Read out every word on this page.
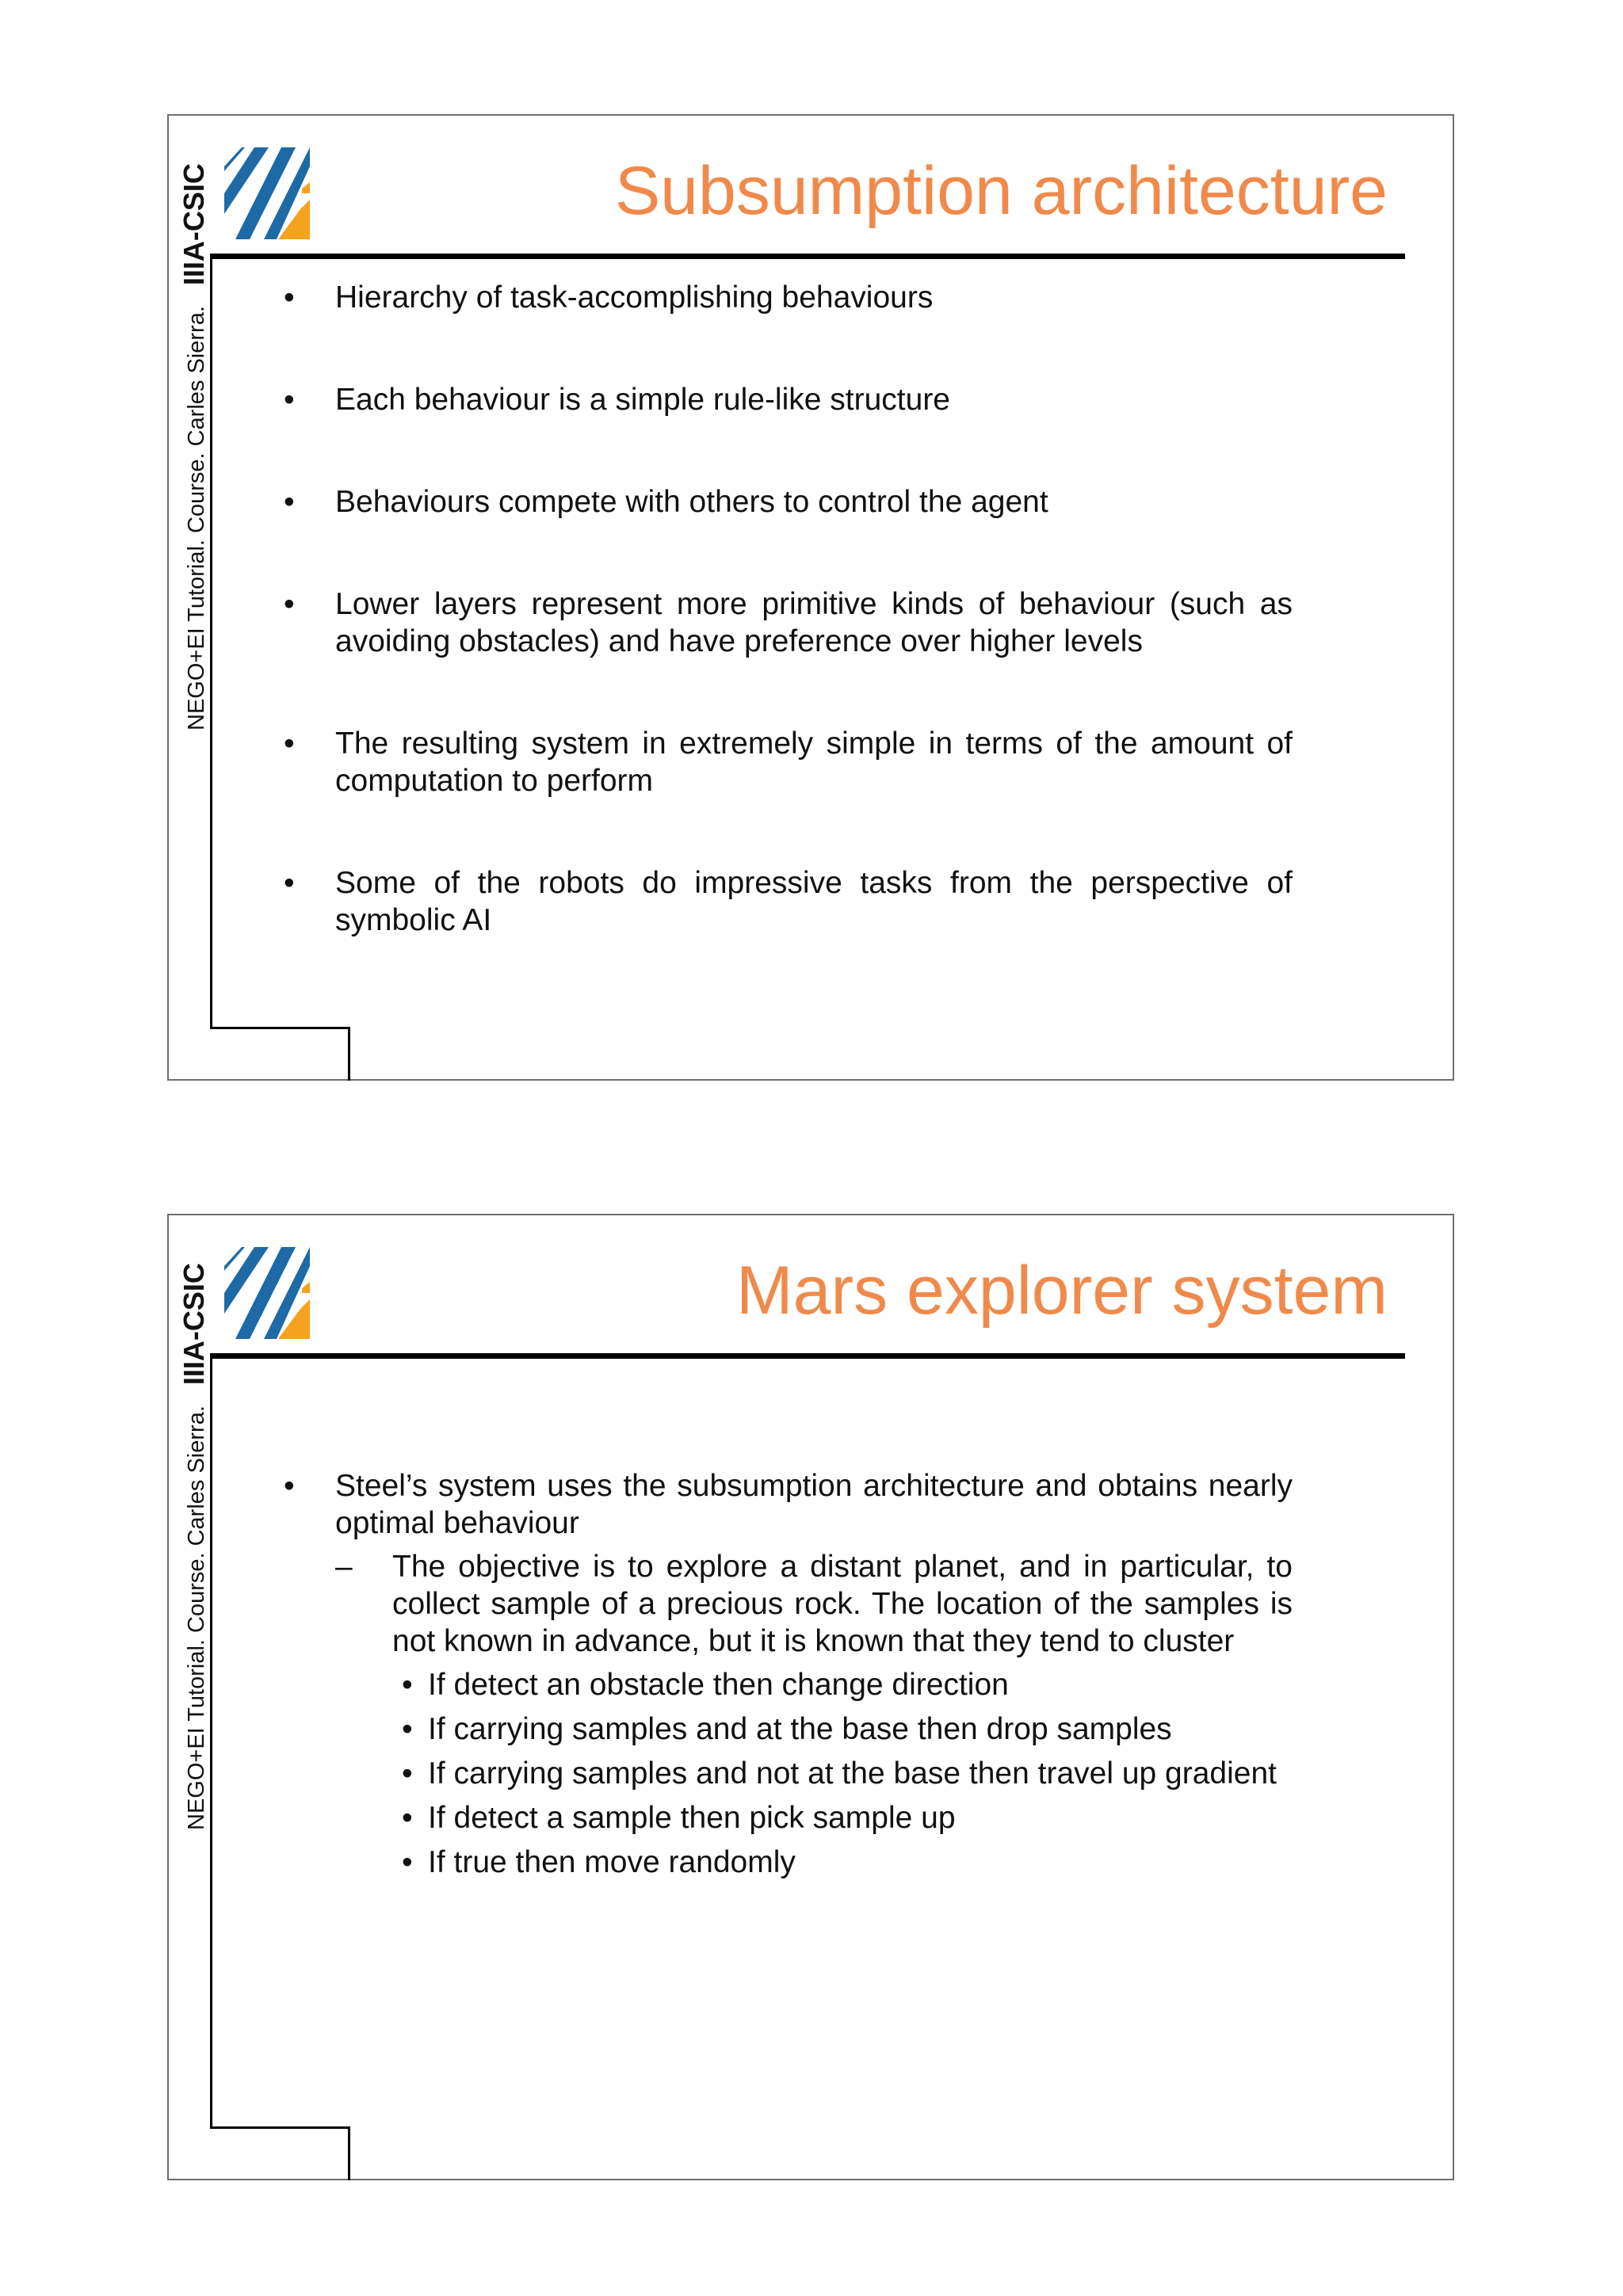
NEGO+EI Tutorial. Course. Carles Sierra.IIIA-CSIC	Subsumption architecture
• Hierarchy of task-accomplishing behaviours
• Each behaviour is a simple rule-like structure
• Behaviours compete with others to control the agent
• Lower layers represent more primitive kinds of behaviour (such as avoiding obstacles) and have preference over higher levels
• The resulting system in extremely simple in terms of the amount of computation to perform
• Some of the robots do impressive tasks from the perspective of symbolic AI
NEGO+EI Tutorial. Course. Carles Sierra.IIIA-CSIC	Mars explorer system
• Steel’s system uses the subsumption architecture and obtains nearly optimal behaviour
– The objective is to explore a distant planet, and in particular, to collect sample of a precious rock. The location of the samples is not known in advance, but it is known that they tend to cluster
• If detect an obstacle then change direction
• If carrying samples and at the base then drop samples
• If carrying samples and not at the base then travel up gradient
• If detect a sample then pick sample up
• If true then move randomly
